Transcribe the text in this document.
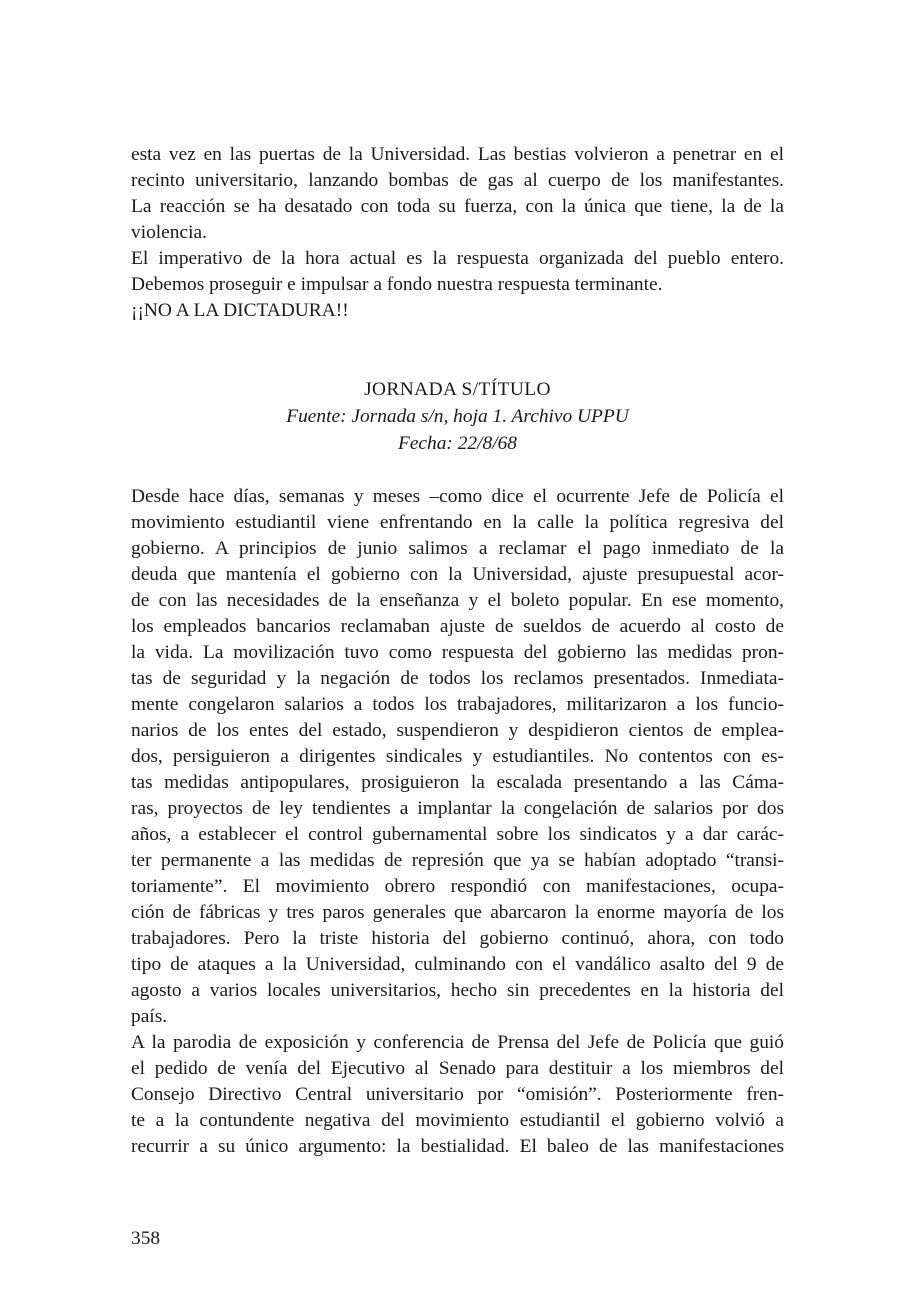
esta vez en las puertas de la Universidad. Las bestias volvieron a penetrar en el
recinto universitario, lanzando bombas de gas al cuerpo de los manifestantes.
La reacción se ha desatado con toda su fuerza, con la única que tiene, la de la
violencia.
El imperativo de la hora actual es la respuesta organizada del pueblo entero.
Debemos proseguir e impulsar a fondo nuestra respuesta terminante.
¡¡NO A LA DICTADURA!!
JORNADA S/TÍTULO
Fuente: Jornada s/n, hoja 1. Archivo UPPU
Fecha: 22/8/68
Desde hace días, semanas y meses –como dice el ocurrente Jefe de Policía el
movimiento estudiantil viene enfrentando en la calle la política regresiva del
gobierno. A principios de junio salimos a reclamar el pago inmediato de la
deuda que mantenía el gobierno con la Universidad, ajuste presupuestal acor-
de con las necesidades de la enseñanza y el boleto popular. En ese momento,
los empleados bancarios reclamaban ajuste de sueldos de acuerdo al costo de
la vida. La movilización tuvo como respuesta del gobierno las medidas pron-
tas de seguridad y la negación de todos los reclamos presentados. Inmediata-
mente congelaron salarios a todos los trabajadores, militarizaron a los funcio-
narios de los entes del estado, suspendieron y despidieron cientos de emplea-
dos, persiguieron a dirigentes sindicales y estudiantiles. No contentos con es-
tas medidas antipopulares, prosiguieron la escalada presentando a las Cáma-
ras, proyectos de ley tendientes a implantar la congelación de salarios por dos
años, a establecer el control gubernamental sobre los sindicatos y a dar carác-
ter permanente a las medidas de represión que ya se habían adoptado “transi-
toriamente”. El movimiento obrero respondió con manifestaciones, ocupa-
ción de fábricas y tres paros generales que abarcaron la enorme mayoría de los
trabajadores. Pero la triste historia del gobierno continuó, ahora, con todo
tipo de ataques a la Universidad, culminando con el vandálico asalto del 9 de
agosto a varios locales universitarios, hecho sin precedentes en la historia del
país.
A la parodia de exposición y conferencia de Prensa del Jefe de Policía que guió
el pedido de venía del Ejecutivo al Senado para destituir a los miembros del
Consejo Directivo Central universitario por “omisión”. Posteriormente fren-
te a la contundente negativa del movimiento estudiantil el gobierno volvió a
recurrir a su único argumento: la bestialidad. El baleo de las manifestaciones
358
